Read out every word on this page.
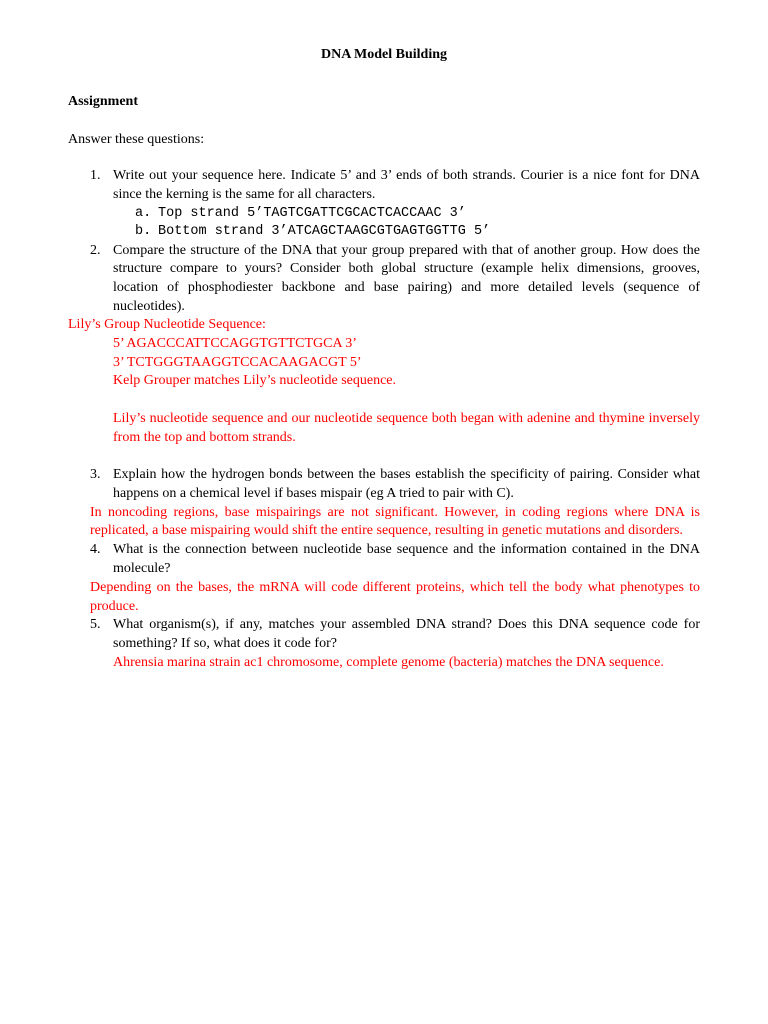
DNA Model Building
Assignment
Answer these questions:
1. Write out your sequence here. Indicate 5’ and 3’ ends of both strands. Courier is a nice font for DNA since the kerning is the same for all characters.
a. Top strand 5’TAGTCGATTCGCACTCACCAAC 3’
b. Bottom strand 3’ATCAGCTAAGCGTGAGTGGTTG 5’
2. Compare the structure of the DNA that your group prepared with that of another group. How does the structure compare to yours? Consider both global structure (example helix dimensions, grooves, location of phosphodiester backbone and base pairing) and more detailed levels (sequence of nucleotides).
Lily’s Group Nucleotide Sequence:
5’ AGACCCATTCCAGGTGTTCTGCA 3’
3’ TCTGGGTAAGGTCCACAAGACGT 5’
Kelp Grouper matches Lily’s nucleotide sequence.
Lily’s nucleotide sequence and our nucleotide sequence both began with adenine and thymine inversely from the top and bottom strands.
3. Explain how the hydrogen bonds between the bases establish the specificity of pairing. Consider what happens on a chemical level if bases mispair (eg A tried to pair with C).
In noncoding regions, base mispairings are not significant. However, in coding regions where DNA is replicated, a base mispairing would shift the entire sequence, resulting in genetic mutations and disorders.
4. What is the connection between nucleotide base sequence and the information contained in the DNA molecule?
Depending on the bases, the mRNA will code different proteins, which tell the body what phenotypes to produce.
5. What organism(s), if any, matches your assembled DNA strand? Does this DNA sequence code for something? If so, what does it code for?
Ahrensia marina strain ac1 chromosome, complete genome (bacteria) matches the DNA sequence.
